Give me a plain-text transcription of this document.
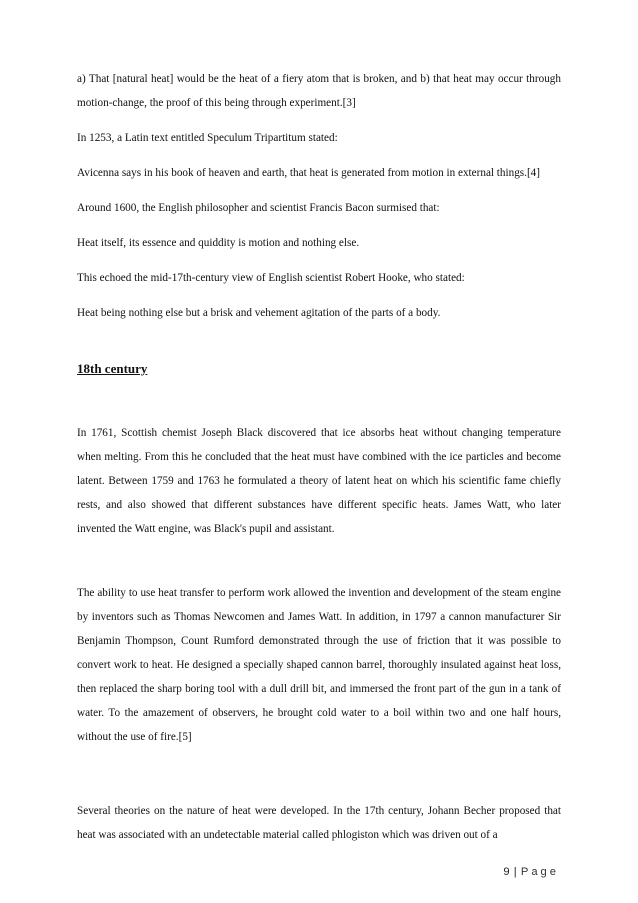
a) That [natural heat] would be the heat of a fiery atom that is broken, and b) that heat may occur through motion-change, the proof of this being through experiment.[3]

In 1253, a Latin text entitled Speculum Tripartitum stated:

Avicenna says in his book of heaven and earth, that heat is generated from motion in external things.[4]

Around 1600, the English philosopher and scientist Francis Bacon surmised that:

Heat itself, its essence and quiddity is motion and nothing else.

This echoed the mid-17th-century view of English scientist Robert Hooke, who stated:

Heat being nothing else but a brisk and vehement agitation of the parts of a body.

18th century

In 1761, Scottish chemist Joseph Black discovered that ice absorbs heat without changing temperature when melting. From this he concluded that the heat must have combined with the ice particles and become latent. Between 1759 and 1763 he formulated a theory of latent heat on which his scientific fame chiefly rests, and also showed that different substances have different specific heats. James Watt, who later invented the Watt engine, was Black's pupil and assistant.

The ability to use heat transfer to perform work allowed the invention and development of the steam engine by inventors such as Thomas Newcomen and James Watt. In addition, in 1797 a cannon manufacturer Sir Benjamin Thompson, Count Rumford demonstrated through the use of friction that it was possible to convert work to heat. He designed a specially shaped cannon barrel, thoroughly insulated against heat loss, then replaced the sharp boring tool with a dull drill bit, and immersed the front part of the gun in a tank of water. To the amazement of observers, he brought cold water to a boil within two and one half hours, without the use of fire.[5]

Several theories on the nature of heat were developed. In the 17th century, Johann Becher proposed that heat was associated with an undetectable material called phlogiston which was driven out of a

9 | Page
